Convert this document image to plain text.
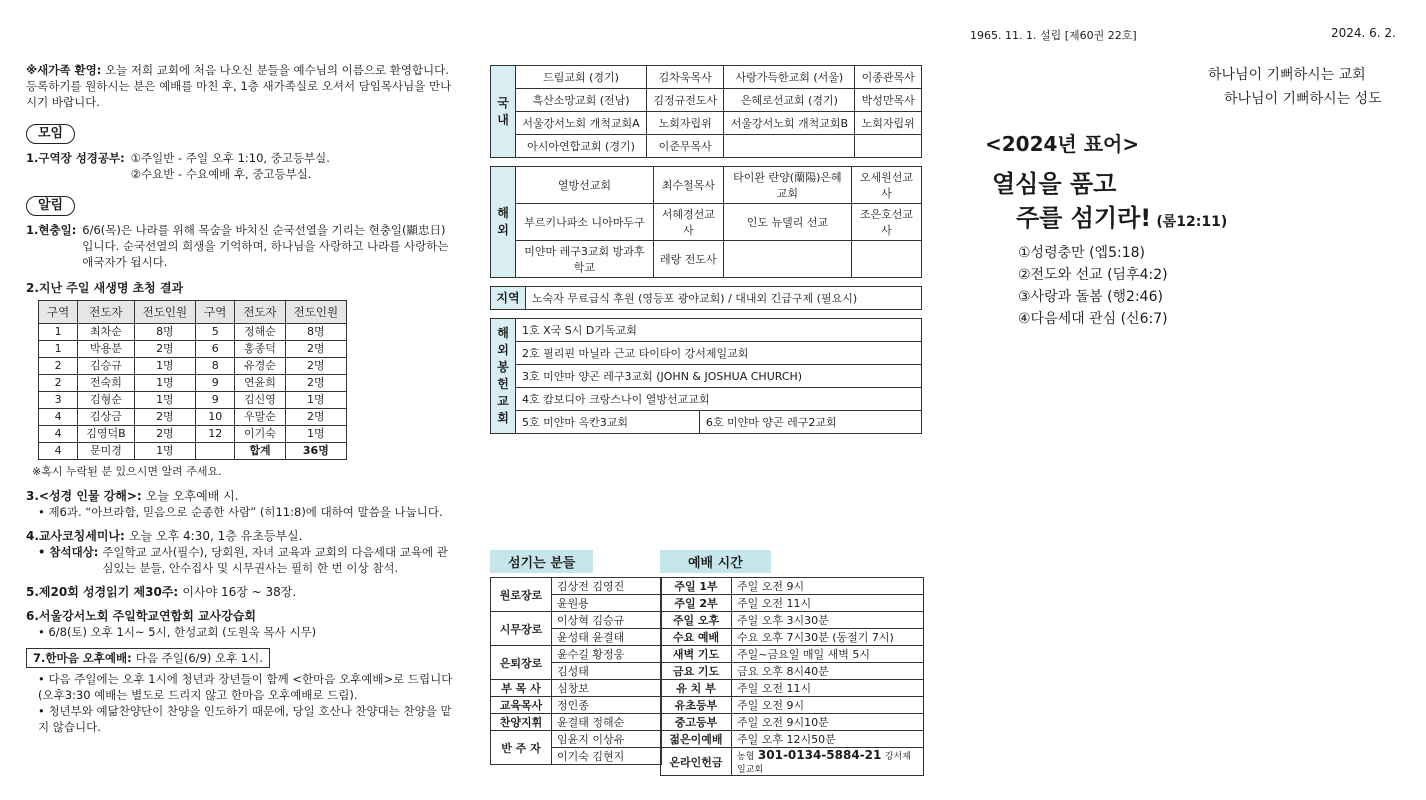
1965. 11. 1. 설립 [제60권 22호]	2024. 6. 2.

※새가족 환영: 오늘 저희 교회에 처음 나오신 분들을 예수님의 이름으로 환영합니다. 등록하기를 원하시는 분은 예배를 마친 후, 1층 새가족실로 오셔서 담임목사님을 만나시기 바랍니다.

모임
1.구역장 성경공부: ①주일반 - 주일 오후 1:10, 중고등부실.
②수요반 - 수요예배 후, 중고등부실.
알림
1.현충일: 6/6(목)은 나라를 위해 목숨을 바치신 순국선열을 기리는 현충일(顯忠日)입니다. 순국선열의 희생을 기억하며, 하나님을 사랑하고 나라를 사랑하는 애국자가 됩시다.
2.지난 주일 새생명 초청 결과
구역	전도자	전도인원	구역	전도자	전도인원
1	최차순	8명	5	정해순	8명
1	박용분	2명	6	홍종덕	2명
2	김승규	1명	8	유경순	2명
2	전숙희	1명	9	연윤희	2명
3	김형순	1명	9	김신영	1명
4	김상금	2명	10	우말순	2명
4	김영덕B	2명	12	이기숙	1명
4	문미경	1명		합계	36명
※혹시 누락된 분 있으시면 알려 주세요.
3.<성경 인물 강해>: 오늘 오후예배 시.
• 제6과. “아브라함, 믿음으로 순종한 사람” (히11:8)에 대하여 말씀을 나눕니다.
4.교사코칭세미나: 오늘 오후 4:30, 1층 유초등부실.
• 참석대상: 주일학교 교사(필수), 당회원, 자녀 교육과 교회의 다음세대 교육에 관심있는 분들, 안수집사 및 시무권사는 필히 한 번 이상 참석.
5.제20회 성경읽기 제30주: 이사야 16장 ~ 38장.
6.서울강서노회 주일학교연합회 교사강습회
• 6/8(토) 오후 1시~ 5시, 한성교회 (도원욱 목사 시무)
7.한마음 오후예배: 다음 주일(6/9) 오후 1시.
• 다음 주일에는 오후 1시에 청년과 장년들이 함께 <한마음 오후예배>로 드립니다(오후3:30 예배는 별도로 드리지 않고 한마음 오후예배로 드림).
• 청년부와 예닮찬양단이 찬양을 인도하기 때문에, 당일 호산나 찬양대는 찬양을 맡지 않습니다.
국내	드림교회 (경기)	김차욱목사	사랑가득한교회 (서울)	이종관목사
	흑산소망교회 (전남)	김정규전도사	은혜로선교회 (경기)	박성만목사
	서울강서노회 개척교회A	노회자립위	서울강서노회 개척교회B	노회자립위
	아시아연합교회 (경기)	이준무목사		
해외	열방선교회	최수철목사	타이완 란양(蘭陽)은혜교회	오세원선교사
	부르키나파소 니아마두구	서혜경선교사	인도 뉴델리 선교	조은호선교사
	미얀마 레구3교회 방과후학교	레랑 전도사		
지역	노숙자 무료급식 후원 (영등포 광야교회) / 대내외 긴급구제 (필요시)
해외봉헌교회	1호 X국 S시 D기독교회	
	2호 필리핀 마닐라 근교 타이타이 강서제일교회	
	3호 미얀마 양곤 레구3교회 (JOHN & JOSHUA CHURCH)	
	4호 캄보디아 크랑스나이 열방선교교회	
	5호 미얀마 옥칸3교회	6호 미얀마 양곤 레구2교회
섬기는 분들
원로장로	김상전 김영진
	윤원용
시무장로	이상혁 김승규
	윤성태 윤결태
은퇴장로	윤수길 황정웅
	김성태
부 목 사	심창보
교육목사	정인종
찬양지휘	윤결태 정해순
반 주 자	임윤지 이상유
	이기숙 김현지
예배 시간
주일 1부	주일 오전 9시
주일 2부	주일 오전 11시
주일 오후	주일 오후 3시30분
수요 예배	수요 오후 7시30분 (동절기 7시)
새벽 기도	주일~금요일 매일 새벽 5시
금요 기도	금요 오후 8시40분
유 치 부	주일 오전 11시
유초등부	주일 오전 9시
중고등부	주일 오전 9시10분
젊은이예배	주일 오후 12시50분
온라인헌금	농협 301-0134-5884-21 강서제일교회
하나님이 기뻐하시는 교회
하나님이 기뻐하시는 성도
<2024년 표어>
열심을 품고
주를 섬기라! (롬12:11)
①성령충만 (엡5:18)
②전도와 선교 (딤후4:2)
③사랑과 돌봄 (행2:46)
④다음세대 관심 (신6:7)
